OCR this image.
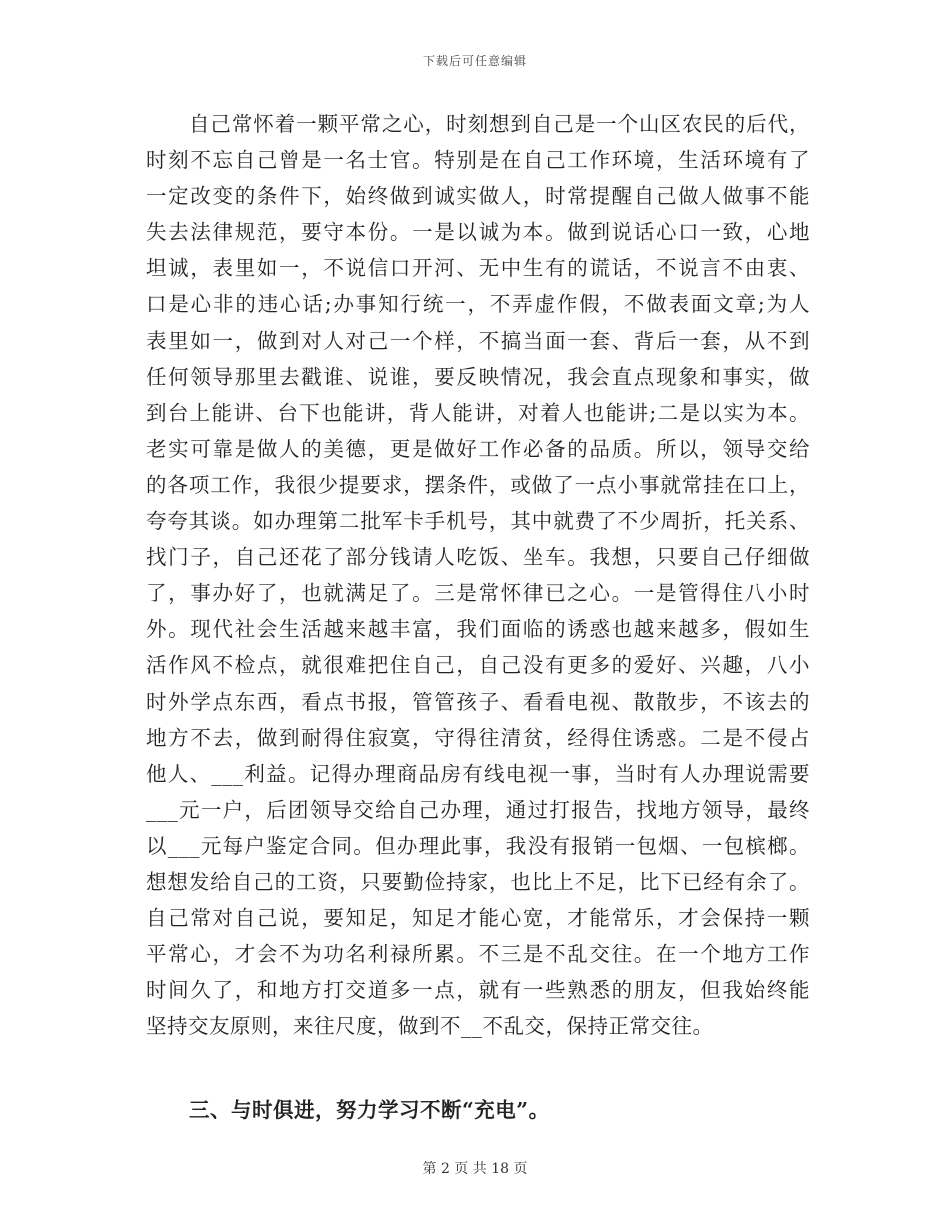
下载后可任意编辑
自己常怀着一颗平常之心，时刻想到自己是一个山区农民的后代，
时刻不忘自己曾是一名士官。特别是在自己工作环境，生活环境有了
一定改变的条件下，始终做到诚实做人，时常提醒自己做人做事不能
失去法律规范，要守本份。一是以诚为本。做到说话心口一致，心地
坦诚，表里如一，不说信口开河、无中生有的谎话，不说言不由衷、
口是心非的违心话;办事知行统一，不弄虚作假，不做表面文章;为人
表里如一，做到对人对己一个样，不搞当面一套、背后一套，从不到
任何领导那里去戳谁、说谁，要反映情况，我会直点现象和事实，做
到台上能讲、台下也能讲，背人能讲，对着人也能讲;二是以实为本。
老实可靠是做人的美德，更是做好工作必备的品质。所以，领导交给
的各项工作，我很少提要求，摆条件，或做了一点小事就常挂在口上，
夸夸其谈。如办理第二批军卡手机号，其中就费了不少周折，托关系、
找门子，自己还花了部分钱请人吃饭、坐车。我想，只要自己仔细做
了，事办好了，也就满足了。三是常怀律已之心。一是管得住八小时
外。现代社会生活越来越丰富，我们面临的诱惑也越来越多，假如生
活作风不检点，就很难把住自己，自己没有更多的爱好、兴趣，八小
时外学点东西，看点书报，管管孩子、看看电视、散散步，不该去的
地方不去，做到耐得住寂寞，守得往清贫，经得住诱惑。二是不侵占
他人、___利益。记得办理商品房有线电视一事，当时有人办理说需要
___元一户，后团领导交给自己办理，通过打报告，找地方领导，最终
以___元每户鉴定合同。但办理此事，我没有报销一包烟、一包槟榔。
想想发给自己的工资，只要勤俭持家，也比上不足，比下已经有余了。
自己常对自己说，要知足，知足才能心宽，才能常乐，才会保持一颗
平常心，才会不为功名利禄所累。不三是不乱交往。在一个地方工作
时间久了，和地方打交道多一点，就有一些熟悉的朋友，但我始终能
坚持交友原则，来往尺度，做到不__不乱交，保持正常交往。
三、与时俱进，努力学习不断“充电”。
第 2 页 共 18 页
